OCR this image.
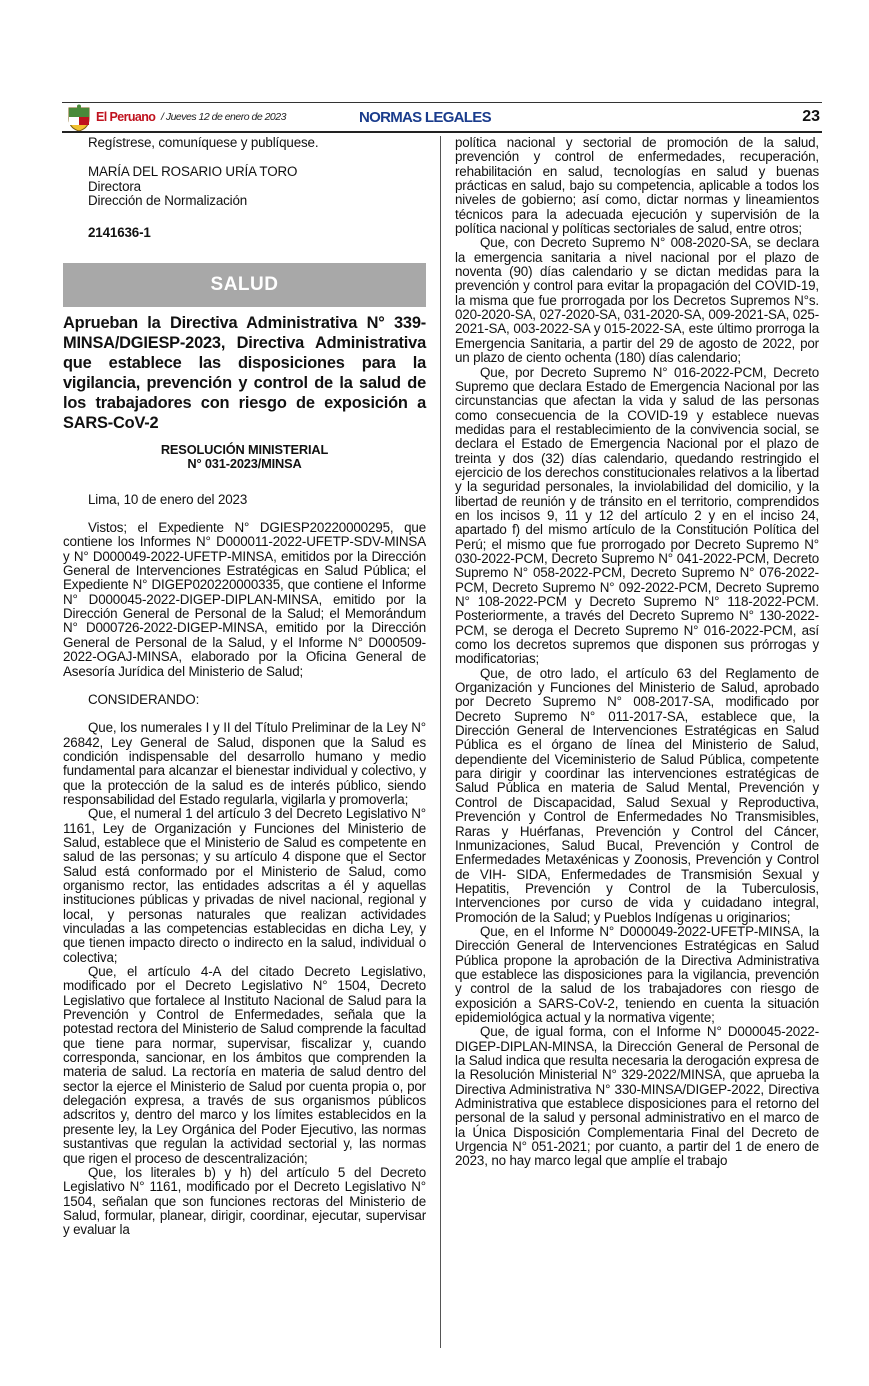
El Peruano / Jueves 12 de enero de 2023	NORMAS LEGALES	23
Regístrese, comuníquese y publíquese.
MARÍA DEL ROSARIO URÍA TORO
Directora
Dirección de Normalización
2141636-1
SALUD
Aprueban la Directiva Administrativa N° 339-MINSA/DGIESP-2023, Directiva Administrativa que establece las disposiciones para la vigilancia, prevención y control de la salud de los trabajadores con riesgo de exposición a SARS-CoV-2
RESOLUCIÓN MINISTERIAL
N° 031-2023/MINSA
Lima, 10 de enero del 2023

Vistos; el Expediente N° DGIESP20220000295, que contiene los Informes N° D000011-2022-UFETP-SDV-MINSA y N° D000049-2022-UFETP-MINSA, emitidos por la Dirección General de Intervenciones Estratégicas en Salud Pública; el Expediente N° DIGEP020220000335, que contiene el Informe N° D000045-2022-DIGEP-DIPLAN-MINSA, emitido por la Dirección General de Personal de la Salud; el Memorándum N° D000726-2022-DIGEP-MINSA, emitido por la Dirección General de Personal de la Salud, y el Informe N° D000509-2022-OGAJ-MINSA, elaborado por la Oficina General de Asesoría Jurídica del Ministerio de Salud;

CONSIDERANDO:

Que, los numerales I y II del Título Preliminar de la Ley N° 26842, Ley General de Salud, disponen que la Salud es condición indispensable del desarrollo humano y medio fundamental para alcanzar el bienestar individual y colectivo, y que la protección de la salud es de interés público, siendo responsabilidad del Estado regularla, vigilarla y promoverla;

Que, el numeral 1 del artículo 3 del Decreto Legislativo N° 1161, Ley de Organización y Funciones del Ministerio de Salud, establece que el Ministerio de Salud es competente en salud de las personas; y su artículo 4 dispone que el Sector Salud está conformado por el Ministerio de Salud, como organismo rector, las entidades adscritas a él y aquellas instituciones públicas y privadas de nivel nacional, regional y local, y personas naturales que realizan actividades vinculadas a las competencias establecidas en dicha Ley, y que tienen impacto directo o indirecto en la salud, individual o colectiva;

Que, el artículo 4-A del citado Decreto Legislativo, modificado por el Decreto Legislativo N° 1504, Decreto Legislativo que fortalece al Instituto Nacional de Salud para la Prevención y Control de Enfermedades, señala que la potestad rectora del Ministerio de Salud comprende la facultad que tiene para normar, supervisar, fiscalizar y, cuando corresponda, sancionar, en los ámbitos que comprenden la materia de salud. La rectoría en materia de salud dentro del sector la ejerce el Ministerio de Salud por cuenta propia o, por delegación expresa, a través de sus organismos públicos adscritos y, dentro del marco y los límites establecidos en la presente ley, la Ley Orgánica del Poder Ejecutivo, las normas sustantivas que regulan la actividad sectorial y, las normas que rigen el proceso de descentralización;

Que, los literales b) y h) del artículo 5 del Decreto Legislativo N° 1161, modificado por el Decreto Legislativo N° 1504, señalan que son funciones rectoras del Ministerio de Salud, formular, planear, dirigir, coordinar, ejecutar, supervisar y evaluar la

política nacional y sectorial de promoción de la salud, prevención y control de enfermedades, recuperación, rehabilitación en salud, tecnologías en salud y buenas prácticas en salud, bajo su competencia, aplicable a todos los niveles de gobierno; así como, dictar normas y lineamientos técnicos para la adecuada ejecución y supervisión de la política nacional y políticas sectoriales de salud, entre otros;

Que, con Decreto Supremo N° 008-2020-SA, se declara la emergencia sanitaria a nivel nacional por el plazo de noventa (90) días calendario y se dictan medidas para la prevención y control para evitar la propagación del COVID-19, la misma que fue prorrogada por los Decretos Supremos N°s. 020-2020-SA, 027-2020-SA, 031-2020-SA, 009-2021-SA, 025-2021-SA, 003-2022-SA y 015-2022-SA, este último prorroga la Emergencia Sanitaria, a partir del 29 de agosto de 2022, por un plazo de ciento ochenta (180) días calendario;

Que, por Decreto Supremo N° 016-2022-PCM, Decreto Supremo que declara Estado de Emergencia Nacional por las circunstancias que afectan la vida y salud de las personas como consecuencia de la COVID-19 y establece nuevas medidas para el restablecimiento de la convivencia social, se declara el Estado de Emergencia Nacional por el plazo de treinta y dos (32) días calendario, quedando restringido el ejercicio de los derechos constitucionales relativos a la libertad y la seguridad personales, la inviolabilidad del domicilio, y la libertad de reunión y de tránsito en el territorio, comprendidos en los incisos 9, 11 y 12 del artículo 2 y en el inciso 24, apartado f) del mismo artículo de la Constitución Política del Perú; el mismo que fue prorrogado por Decreto Supremo N° 030-2022-PCM, Decreto Supremo N° 041-2022-PCM, Decreto Supremo N° 058-2022-PCM, Decreto Supremo N° 076-2022-PCM, Decreto Supremo N° 092-2022-PCM, Decreto Supremo N° 108-2022-PCM y Decreto Supremo N° 118-2022-PCM. Posteriormente, a través del Decreto Supremo N° 130-2022-PCM, se deroga el Decreto Supremo N° 016-2022-PCM, así como los decretos supremos que disponen sus prórrogas y modificatorias;

Que, de otro lado, el artículo 63 del Reglamento de Organización y Funciones del Ministerio de Salud, aprobado por Decreto Supremo N° 008-2017-SA, modificado por Decreto Supremo N° 011-2017-SA, establece que, la Dirección General de Intervenciones Estratégicas en Salud Pública es el órgano de línea del Ministerio de Salud, dependiente del Viceministerio de Salud Pública, competente para dirigir y coordinar las intervenciones estratégicas de Salud Pública en materia de Salud Mental, Prevención y Control de Discapacidad, Salud Sexual y Reproductiva, Prevención y Control de Enfermedades No Transmisibles, Raras y Huérfanas, Prevención y Control del Cáncer, Inmunizaciones, Salud Bucal, Prevención y Control de Enfermedades Metaxénicas y Zoonosis, Prevención y Control de VIH- SIDA, Enfermedades de Transmisión Sexual y Hepatitis, Prevención y Control de la Tuberculosis, Intervenciones por curso de vida y cuidadano integral, Promoción de la Salud; y Pueblos Indígenas u originarios;

Que, en el Informe N° D000049-2022-UFETP-MINSA, la Dirección General de Intervenciones Estratégicas en Salud Pública propone la aprobación de la Directiva Administrativa que establece las disposiciones para la vigilancia, prevención y control de la salud de los trabajadores con riesgo de exposición a SARS-CoV-2, teniendo en cuenta la situación epidemiológica actual y la normativa vigente;

Que, de igual forma, con el Informe N° D000045-2022-DIGEP-DIPLAN-MINSA, la Dirección General de Personal de la Salud indica que resulta necesaria la derogación expresa de la Resolución Ministerial N° 329-2022/MINSA, que aprueba la Directiva Administrativa N° 330-MINSA/DIGEP-2022, Directiva Administrativa que establece disposiciones para el retorno del personal de la salud y personal administrativo en el marco de la Única Disposición Complementaria Final del Decreto de Urgencia N° 051-2021; por cuanto, a partir del 1 de enero de 2023, no hay marco legal que amplíe el trabajo
